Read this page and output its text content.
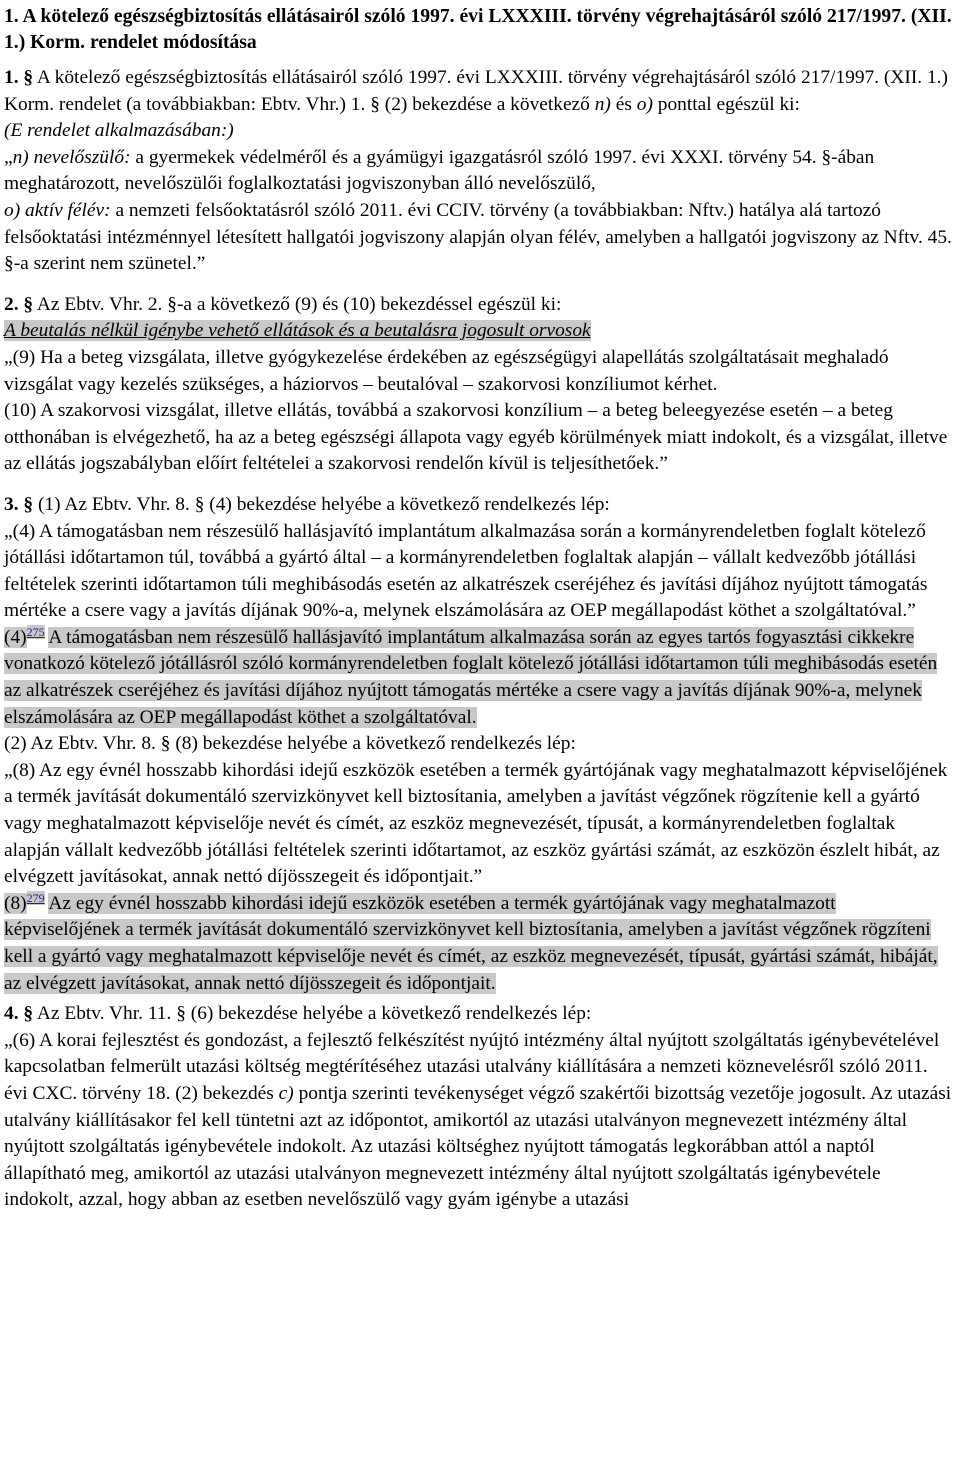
1. A kötelező egészségbiztosítás ellátásairól szóló 1997. évi LXXXIII. törvény végrehajtásáról szóló 217/1997. (XII. 1.) Korm. rendelet módosítása
1. § A kötelező egészségbiztosítás ellátásairól szóló 1997. évi LXXXIII. törvény végrehajtásáról szóló 217/1997. (XII. 1.) Korm. rendelet (a továbbiakban: Ebtv. Vhr.) 1. § (2) bekezdése a következő n) és o) ponttal egészül ki:
(E rendelet alkalmazásában:)
„n) nevelőszülő: a gyermekek védelméről és a gyámügyi igazgatásról szóló 1997. évi XXXI. törvény 54. §-ában meghatározott, nevelőszülői foglalkoztatási jogviszonyban álló nevelőszülő,
o) aktív félév: a nemzeti felsőoktatásról szóló 2011. évi CCIV. törvény (a továbbiakban: Nftv.) hatálya alá tartozó felsőoktatási intézménnyel létesített hallgatói jogviszony alapján olyan félév, amelyben a hallgatói jogviszony az Nftv. 45. §-a szerint nem szünetel.”
2. § Az Ebtv. Vhr. 2. §-a a következő (9) és (10) bekezdéssel egészül ki:
A beutalás nélkül igénybe vehető ellátások és a beutalásra jogosult orvosok
„(9) Ha a beteg vizsgálata, illetve gyógykezelése érdekében az egészségügyi alapellátás szolgáltatásait meghaladó vizsgálat vagy kezelés szükséges, a háziorvos – beutalóval – szakorvosi konzíliumot kérhet.
(10) A szakorvosi vizsgálat, illetve ellátás, továbbá a szakorvosi konzílium – a beteg beleegyezése esetén – a beteg otthonában is elvégezhető, ha az a beteg egészségi állapota vagy egyéb körülmények miatt indokolt, és a vizsgálat, illetve az ellátás jogszabályban előírt feltételei a szakorvosi rendelőn kívül is teljesíthetőek.”
3. § (1) Az Ebtv. Vhr. 8. § (4) bekezdése helyébe a következő rendelkezés lép:
„(4) A támogatásban nem részesülő hallásjavító implantátum alkalmazása során a kormányrendeletben foglalt kötelező jótállási időtartamon túl, továbbá a gyártó által – a kormányrendeletben foglaltak alapján – vállalt kedvezőbb jótállási feltételek szerinti időtartamon túli meghibásodás esetén az alkatrészek cseréjéhez és javítási díjához nyújtott támogatás mértéke a csere vagy a javítás díjának 90%-a, melynek elszámolására az OEP megállapodást köthet a szolgáltatóval.”
$(4)^{275}$ A támogatásban nem részesülő hallásjavító implantátum alkalmazása során az egyes tartós fogyasztási cikkekre vonatkozó kötelező jótállásról szóló kormányrendeletben foglalt kötelező jótállási időtartamon túli meghibásodás esetén az alkatrészek cseréjéhez és javítási díjához nyújtott támogatás mértéke a csere vagy a javítás díjának 90%-a, melynek elszámolására az OEP megállapodást köthet a szolgáltatóval.
(2) Az Ebtv. Vhr. 8. § (8) bekezdése helyébe a következő rendelkezés lép:
„(8) Az egy évnél hosszabb kihordási idejű eszközök esetében a termék gyártójának vagy meghatalmazott képviselőjének a termék javítását dokumentáló szervizkönyvet kell biztosítania, amelyben a javítást végzőnek rögzítenie kell a gyártó vagy meghatalmazott képviselője nevét és címét, az eszköz megnevezését, típusát, a kormányrendeletben foglaltak alapján vállalt kedvezőbb jótállási feltételek szerinti időtartamot, az eszköz gyártási számát, az eszközön észlelt hibát, az elvégzett javításokat, annak nettó díjösszegeit és időpontjait.”
$(8)^{279}$ Az egy évnél hosszabb kihordási idejű eszközök esetében a termék gyártójának vagy meghatalmazott képviselőjének a termék javítását dokumentáló szervizkönyvet kell biztosítania, amelyben a javítást végzőnek rögzíteni kell a gyártó vagy meghatalmazott képviselője nevét és címét, az eszköz megnevezését, típusát, gyártási számát, hibáját, az elvégzett javításokat, annak nettó díjösszegeit és időpontjait.
4. § Az Ebtv. Vhr. 11. § (6) bekezdése helyébe a következő rendelkezés lép:
„(6) A korai fejlesztést és gondozást, a fejlesztő felkészítést nyújtó intézmény által nyújtott szolgáltatás igénybevételével kapcsolatban felmerült utazási költség megtérítéséhez utazási utalvány kiállítására a nemzeti köznevelésről szóló 2011. évi CXC. törvény 18. (2) bekezdés c) pontja szerinti tevékenységet végző szakértői bizottság vezetője jogosult. Az utazási utalvány kiállításakor fel kell tüntetni azt az időpontot, amikortól az utazási utalványon megnevezett intézmény által nyújtott szolgáltatás igénybevétele indokolt. Az utazási költséghez nyújtott támogatás legkorábban attól a naptól állapítható meg, amikortól az utazási utalványon megnevezett intézmény által nyújtott szolgáltatás igénybevétele indokolt, azzal, hogy abban az esetben nevelőszülő vagy gyám igénybe a utazási
